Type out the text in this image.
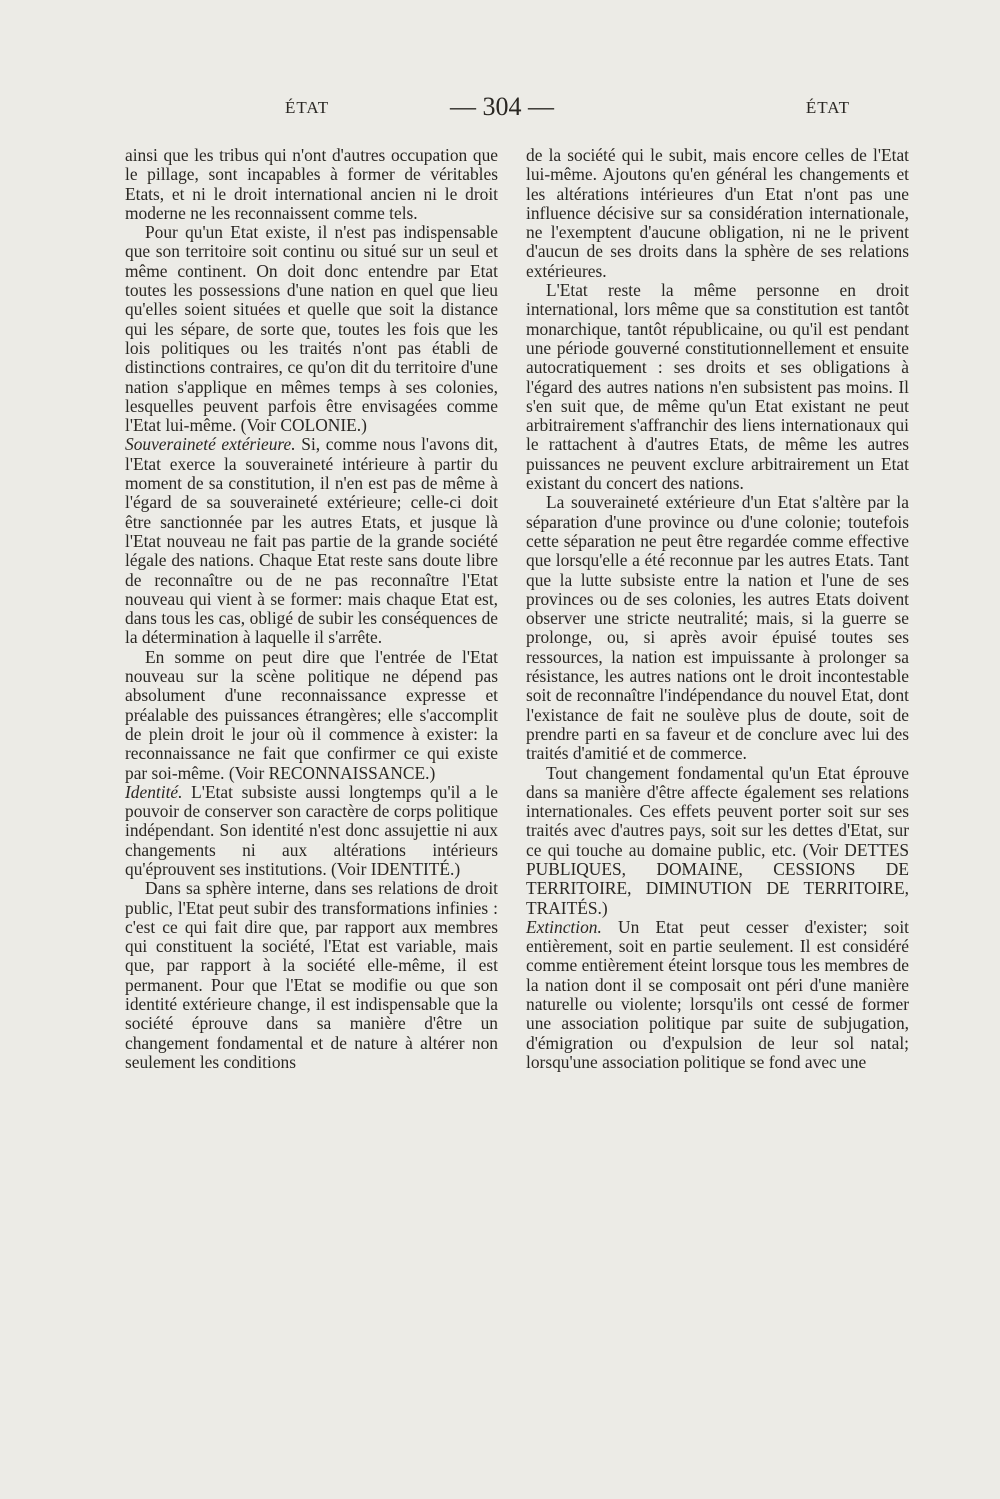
ÉTAT	— 304 —	ÉTAT

ainsi que les tribus qui n'ont d'autres occupation que le pillage, sont incapables à former de véritables Etats, et ni le droit international ancien ni le droit moderne ne les reconnaissent comme tels.

Pour qu'un Etat existe, il n'est pas indispensable que son territoire soit continu ou situé sur un seul et même continent. On doit donc entendre par Etat toutes les possessions d'une nation en quel que lieu qu'elles soient situées et quelle que soit la distance qui les sépare, de sorte que, toutes les fois que les lois politiques ou les traités n'ont pas établi de distinctions contraires, ce qu'on dit du territoire d'une nation s'applique en mêmes temps à ses colonies, lesquelles peuvent parfois être envisagées comme l'Etat lui-même. (Voir COLONIE.)

Souveraineté extérieure. Si, comme nous l'avons dit, l'Etat exerce la souveraineté intérieure à partir du moment de sa constitution, il n'en est pas de même à l'égard de sa souveraineté extérieure; celle-ci doit être sanctionnée par les autres Etats, et jusque là l'Etat nouveau ne fait pas partie de la grande société légale des nations. Chaque Etat reste sans doute libre de reconnaître ou de ne pas reconnaître l'Etat nouveau qui vient à se former: mais chaque Etat est, dans tous les cas, obligé de subir les conséquences de la détermination à laquelle il s'arrête.

En somme on peut dire que l'entrée de l'Etat nouveau sur la scène politique ne dépend pas absolument d'une reconnaissance expresse et préalable des puissances étrangères; elle s'accomplit de plein droit le jour où il commence à exister: la reconnaissance ne fait que confirmer ce qui existe par soi-même. (Voir RECONNAISSANCE.)

Identité. L'Etat subsiste aussi longtemps qu'il a le pouvoir de conserver son caractère de corps politique indépendant. Son identité n'est donc assujettie ni aux changements ni aux altérations intérieurs qu'éprouvent ses institutions. (Voir IDENTITÉ.)

Dans sa sphère interne, dans ses relations de droit public, l'Etat peut subir des transformations infinies : c'est ce qui fait dire que, par rapport aux membres qui constituent la société, l'Etat est variable, mais que, par rapport à la société elle-même, il est permanent. Pour que l'Etat se modifie ou que son identité extérieure change, il est indispensable que la société éprouve dans sa manière d'être un changement fondamental et de nature à altérer non seulement les conditions

de la société qui le subit, mais encore celles de l'Etat lui-même. Ajoutons qu'en général les changements et les altérations intérieures d'un Etat n'ont pas une influence décisive sur sa considération internationale, ne l'exemptent d'aucune obligation, ni ne le privent d'aucun de ses droits dans la sphère de ses relations extérieures.

L'Etat reste la même personne en droit international, lors même que sa constitution est tantôt monarchique, tantôt républicaine, ou qu'il est pendant une période gouverné constitutionnellement et ensuite autocratiquement : ses droits et ses obligations à l'égard des autres nations n'en subsistent pas moins. Il s'en suit que, de même qu'un Etat existant ne peut arbitrairement s'affranchir des liens internationaux qui le rattachent à d'autres Etats, de même les autres puissances ne peuvent exclure arbitrairement un Etat existant du concert des nations.

La souveraineté extérieure d'un Etat s'altère par la séparation d'une province ou d'une colonie; toutefois cette séparation ne peut être regardée comme effective que lorsqu'elle a été reconnue par les autres Etats. Tant que la lutte subsiste entre la nation et l'une de ses provinces ou de ses colonies, les autres Etats doivent observer une stricte neutralité; mais, si la guerre se prolonge, ou, si après avoir épuisé toutes ses ressources, la nation est impuissante à prolonger sa résistance, les autres nations ont le droit incontestable soit de reconnaître l'indépendance du nouvel Etat, dont l'existance de fait ne soulève plus de doute, soit de prendre parti en sa faveur et de conclure avec lui des traités d'amitié et de commerce.

Tout changement fondamental qu'un Etat éprouve dans sa manière d'être affecte également ses relations internationales. Ces effets peuvent porter soit sur ses traités avec d'autres pays, soit sur les dettes d'Etat, sur ce qui touche au domaine public, etc. (Voir DETTES PUBLIQUES, DOMAINE, CESSIONS DE TERRITOIRE, DIMINUTION DE TERRITOIRE, TRAITÉS.)

Extinction. Un Etat peut cesser d'exister; soit entièrement, soit en partie seulement. Il est considéré comme entièrement éteint lorsque tous les membres de la nation dont il se composait ont péri d'une manière naturelle ou violente; lorsqu'ils ont cessé de former une association politique par suite de subjugation, d'émigration ou d'expulsion de leur sol natal; lorsqu'une association politique se fond avec une
